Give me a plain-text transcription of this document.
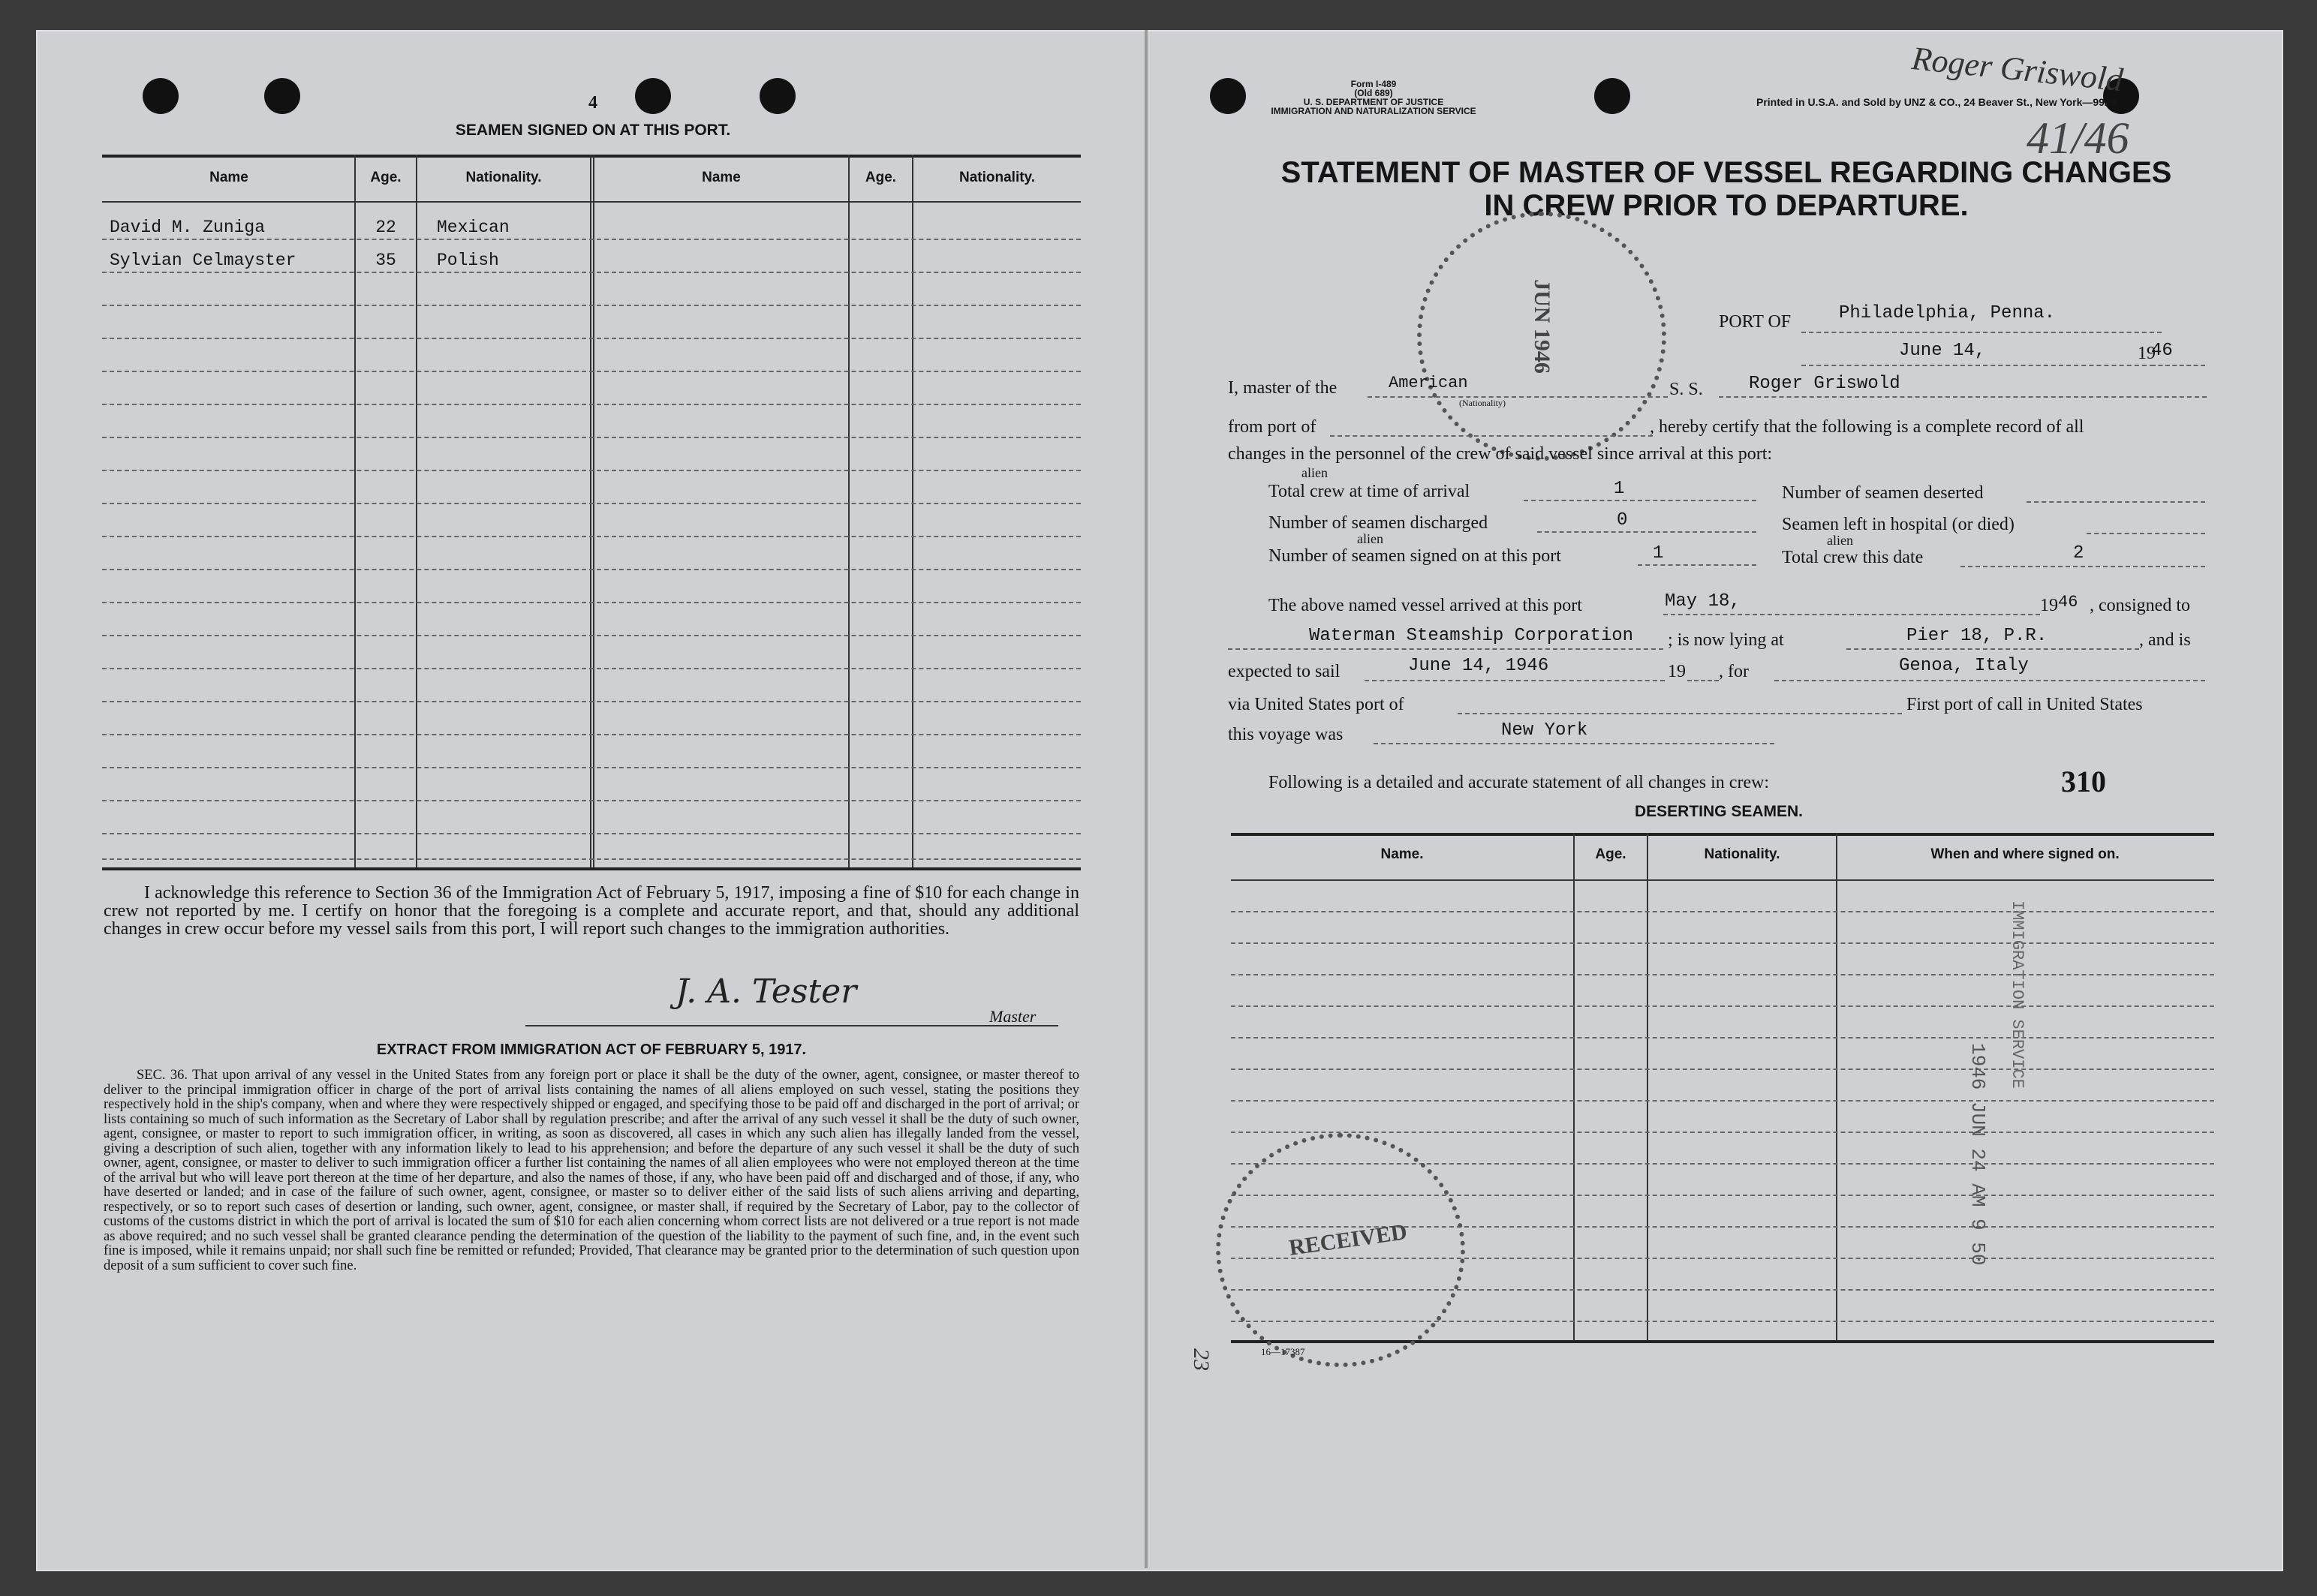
4
SEAMEN SIGNED ON AT THIS PORT.
Name	Age.	Nationality.	Name	Age.	Nationality.
David M. Zuniga	22	Mexican
Sylvian Celmayster	35	Polish
I acknowledge this reference to Section 36 of the Immigration Act of February 5, 1917, imposing a fine of $10 for each change in crew not reported by me. I certify on honor that the foregoing is a complete and accurate report, and that, should any additional changes in crew occur before my vessel sails from this port, I will report such changes to the immigration authorities.
J. A. Tester
Master
EXTRACT FROM IMMIGRATION ACT OF FEBRUARY 5, 1917.
SEC. 36. That upon arrival of any vessel in the United States from any foreign port or place it shall be the duty of the owner, agent, consignee, or master thereof to deliver to the principal immigration officer in charge of the port of arrival lists containing the names of all aliens employed on such vessel, stating the positions they respectively hold in the ship's company, when and where they were respectively shipped or engaged, and specifying those to be paid off and discharged in the port of arrival; or lists containing so much of such information as the Secretary of Labor shall by regulation prescribe; and after the arrival of any such vessel it shall be the duty of such owner, agent, consignee, or master to report to such immigration officer, in writing, as soon as discovered, all cases in which any such alien has illegally landed from the vessel, giving a description of such alien, together with any information likely to lead to his apprehension; and before the departure of any such vessel it shall be the duty of such owner, agent, consignee, or master to deliver to such immigration officer a further list containing the names of all alien employees who were not employed thereon at the time of the arrival but who will leave port thereon at the time of her departure, and also the names of those, if any, who have been paid off and discharged and of those, if any, who have deserted or landed; and in case of the failure of such owner, agent, consignee, or master so to deliver either of the said lists of such aliens arriving and departing, respectively, or so to report such cases of desertion or landing, such owner, agent, consignee, or master shall, if required by the Secretary of Labor, pay to the collector of customs of the customs district in which the port of arrival is located the sum of $10 for each alien concerning whom correct lists are not delivered or a true report is not made as above required; and no such vessel shall be granted clearance pending the determination of the question of the liability to the payment of such fine, and, in the event such fine is imposed, while it remains unpaid; nor shall such fine be remitted or refunded; Provided, That clearance may be granted prior to the determination of such question upon deposit of a sum sufficient to cover such fine.
Roger Griswold
41/46
Form I-489
(Old 689)
U. S. DEPARTMENT OF JUSTICE
IMMIGRATION AND NATURALIZATION SERVICE
Printed in U.S.A. and Sold by UNZ & CO., 24 Beaver St., New York—9920
STATEMENT OF MASTER OF VESSEL REGARDING CHANGES
IN CREW PRIOR TO DEPARTURE.
JUN 1946	PORT OF	Philadelphia, Penna.
June 14,	19
46
I, master of the	American
(Nationality)
S. S.	Roger Griswold
from port of	, hereby certify that the following is a complete record of all
changes in the personnel of the crew of said vessel since arrival at this port:
alien
Total crew at time of arrival	1	Number of seamen deserted
Number of seamen discharged	0	Seamen left in hospital (or died)
alien
Number of seamen signed on at this port	1
alien
Total crew this date	2
The above named vessel arrived at this port	May 18,	19 46 , consigned to
Waterman Steamship Corporation	; is now lying at	Pier 18, P.R.	, and is
expected to sail	June 14, 1946	19	, for	Genoa, Italy
via United States port of	First port of call in United States
this voyage was	New York
Following is a detailed and accurate statement of all changes in crew:	310
DESERTING SEAMEN.
Name.	Age.	Nationality.	When and where signed on.
1946 JUN 24 AM 9 50
IMMIGRATION SERVICE
RECEIVED
16—17387
23
